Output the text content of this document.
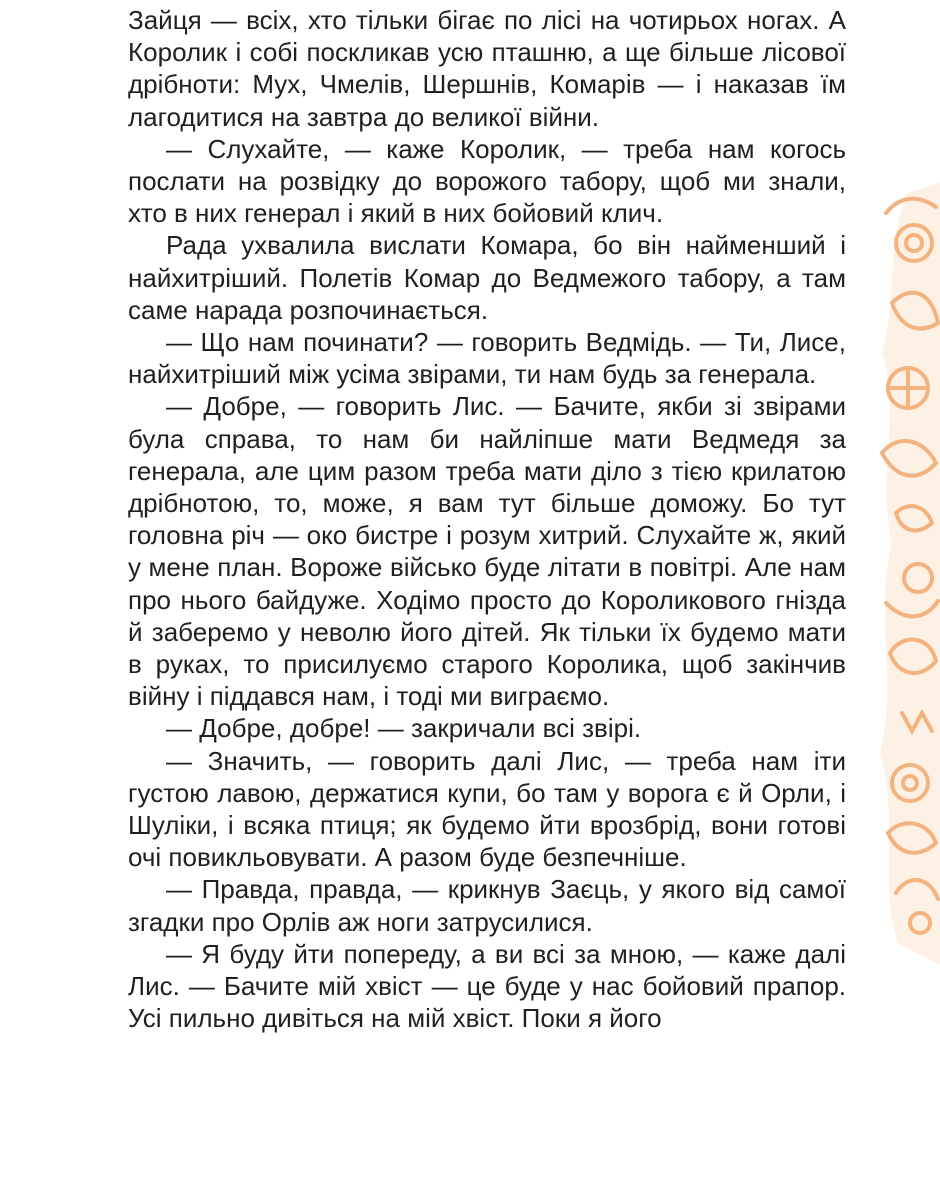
Зайця — всіх, хто тільки бігає по лісі на чотирьох ногах. А Королик і собі поскликав усю пташню, а ще більше лісової дрібноти: Мух, Чмелів, Шершнів, Комарів — і наказав їм лагодитися на завтра до великої війни.

— Слухайте, — каже Королик, — треба нам когось послати на розвідку до ворожого табору, щоб ми знали, хто в них генерал і який в них бойовий клич.

Рада ухвалила вислати Комара, бо він найменший і найхитріший. Полетів Комар до Ведмежого табору, а там саме нарада розпочинається.

— Що нам починати? — говорить Ведмідь. — Ти, Лисе, найхитріший між усіма звірами, ти нам будь за генерала.

— Добре, — говорить Лис. — Бачите, якби зі звірами була справа, то нам би найліпше мати Ведмедя за генерала, але цим разом треба мати діло з тією крилатою дрібнотою, то, може, я вам тут більше доможу. Бо тут головна річ — око бистре і розум хитрий. Слухайте ж, який у мене план. Вороже військо буде літати в повітрі. Але нам про нього байдуже. Ходімо просто до Короликового гнізда й заберемо у неволю його дітей. Як тільки їх будемо мати в руках, то присилуємо старого Королика, щоб закінчив війну і піддався нам, і тоді ми виграємо.

— Добре, добре! — закричали всі звірі.

— Значить, — говорить далі Лис, — треба нам іти густою лавою, держатися купи, бо там у ворога є й Орли, і Шуліки, і всяка птиця; як будемо йти врозбрід, вони готові очі повикльовувати. А разом буде безпечніше.

— Правда, правда, — крикнув Заєць, у якого від самої згадки про Орлів аж ноги затрусилися.

— Я буду йти попереду, а ви всі за мною, — каже далі Лис. — Бачите мій хвіст — це буде у нас бойовий прапор. Усі пильно дивіться на мій хвіст. Поки я його
